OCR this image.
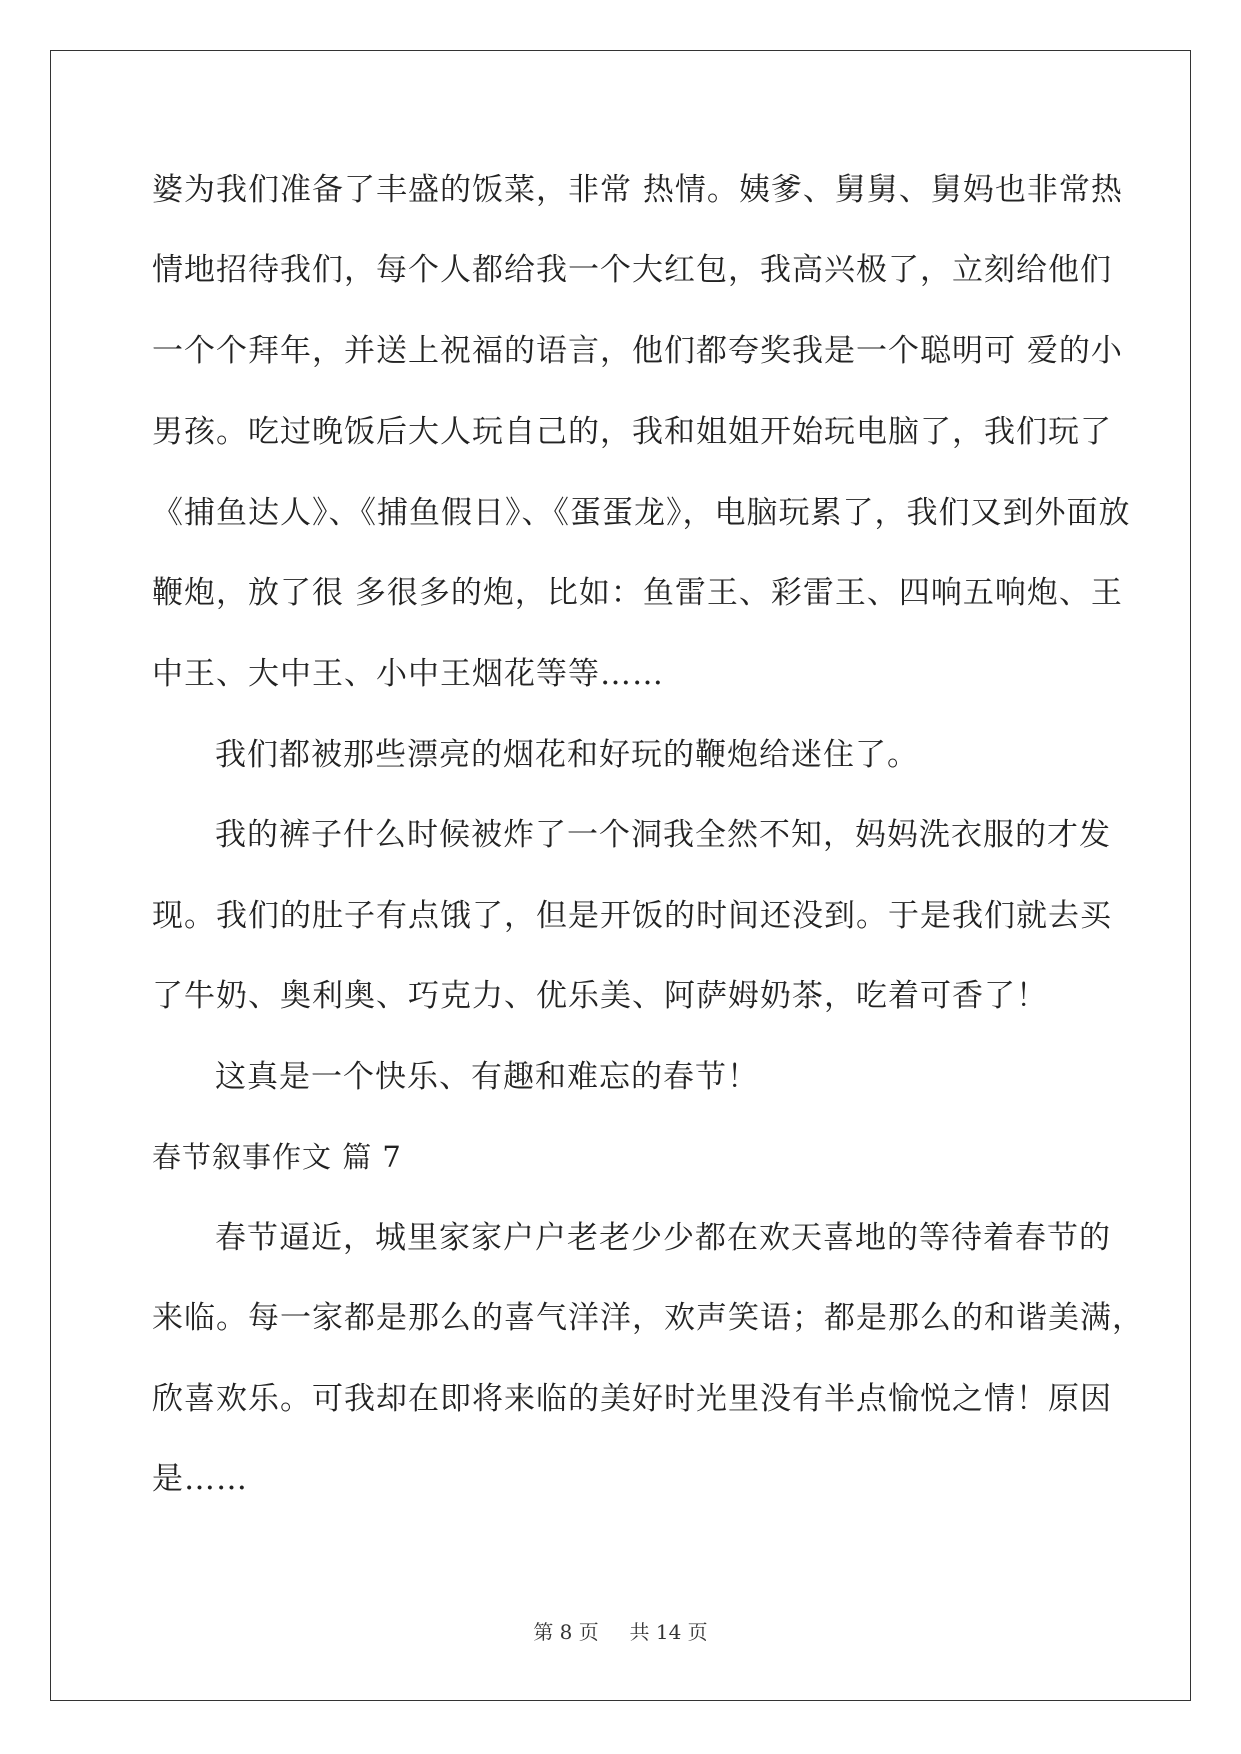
婆为我们准备了丰盛的饭菜，非常 热情。姨爹、舅舅、舅妈也非常热
情地招待我们，每个人都给我一个大红包，我高兴极了，立刻给他们
一个个拜年，并送上祝福的语言，他们都夸奖我是一个聪明可 爱的小
男孩。吃过晚饭后大人玩自己的，我和姐姐开始玩电脑了，我们玩了
《捕鱼达人》、《捕鱼假日》、《蛋蛋龙》，电脑玩累了，我们又到外面放
鞭炮，放了很 多很多的炮，比如：鱼雷王、彩雷王、四响五响炮、王
中王、大中王、小中王烟花等等……
我们都被那些漂亮的烟花和好玩的鞭炮给迷住了。
我的裤子什么时候被炸了一个洞我全然不知，妈妈洗衣服的才发
现。我们的肚子有点饿了，但是开饭的时间还没到。于是我们就去买
了牛奶、奥利奥、巧克力、优乐美、阿萨姆奶茶，吃着可香了！
这真是一个快乐、有趣和难忘的春节！
春节叙事作文 篇 7
春节逼近，城里家家户户老老少少都在欢天喜地的等待着春节的
来临。每一家都是那么的喜气洋洋，欢声笑语；都是那么的和谐美满，
欣喜欢乐。可我却在即将来临的美好时光里没有半点愉悦之情！原因
是……
第 8 页 共 14 页
